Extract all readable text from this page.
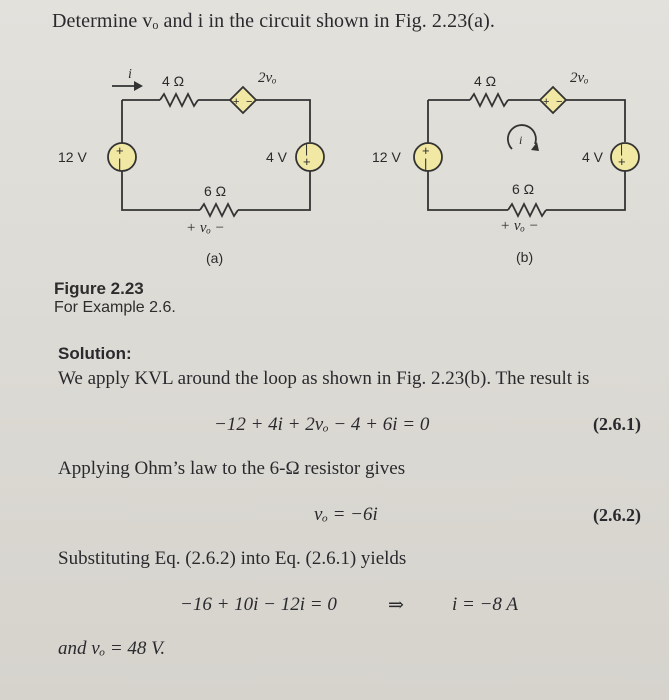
Determine vₒ and i in the circuit shown in Fig. 2.23(a).
+
|
|
+
+ −
12 V
4 Ω	2vₒ
4 V
6 Ω
i
+ vₒ −
(a)
+
|
|
+
+ −
12 V
4 Ω	2vₒ
4 V
6 Ω
i
+ vₒ −
(b)
Figure 2.23
For Example 2.6.
Solution:
We apply KVL around the loop as shown in Fig. 2.23(b). The result is
−12 + 4i + 2vₒ − 4 + 6i = 0	(2.6.1)
Applying Ohm’s law to the 6-Ω resistor gives
vₒ = −6i	(2.6.2)
Substituting Eq. (2.6.2) into Eq. (2.6.1) yields
−16 + 10i − 12i = 0	⇒	i = −8 A
and vₒ = 48 V.
